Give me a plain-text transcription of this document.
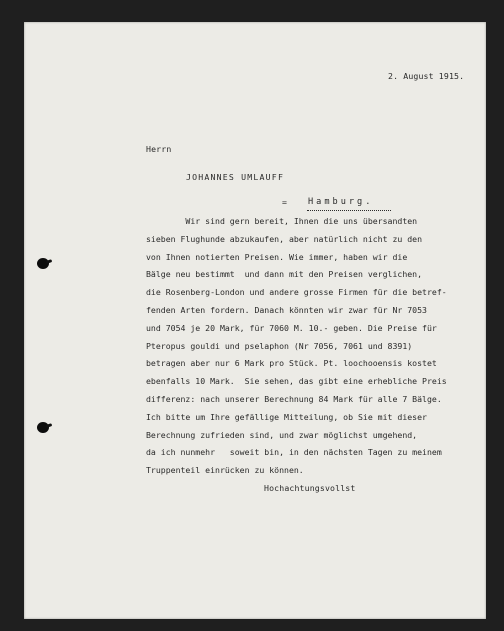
2. August 1915.
Herrn
JOHANNES UMLAUFF
= Hamburg.
Wir sind gern bereit, Ihnen die uns übersandten
sieben Flughunde abzukaufen, aber natürlich nicht zu den
von Ihnen notierten Preisen. Wie immer, haben wir die
Bälge neu bestimmt  und dann mit den Preisen verglichen,
die Rosenberg-London und andere grosse Firmen für die betref-
fenden Arten fordern. Danach könnten wir zwar für Nr 7053
und 7054 je 20 Mark, für 7060 M. 10.- geben. Die Preise für
Pteropus gouldi und pselaphon (Nr 7056, 7061 und 8391)
betragen aber nur 6 Mark pro Stück. Pt. loochooensis kostet
ebenfalls 10 Mark.  Sie sehen, das gibt eine erhebliche Preis
differenz: nach unserer Berechnung 84 Mark für alle 7 Bälge.
Ich bitte um Ihre gefällige Mitteilung, ob Sie mit dieser
Berechnung zufrieden sind, und zwar möglichst umgehend,
da ich nunmehr   soweit bin, in den nächsten Tagen zu meinem
Truppenteil einrücken zu können.
Hochachtungsvollst
